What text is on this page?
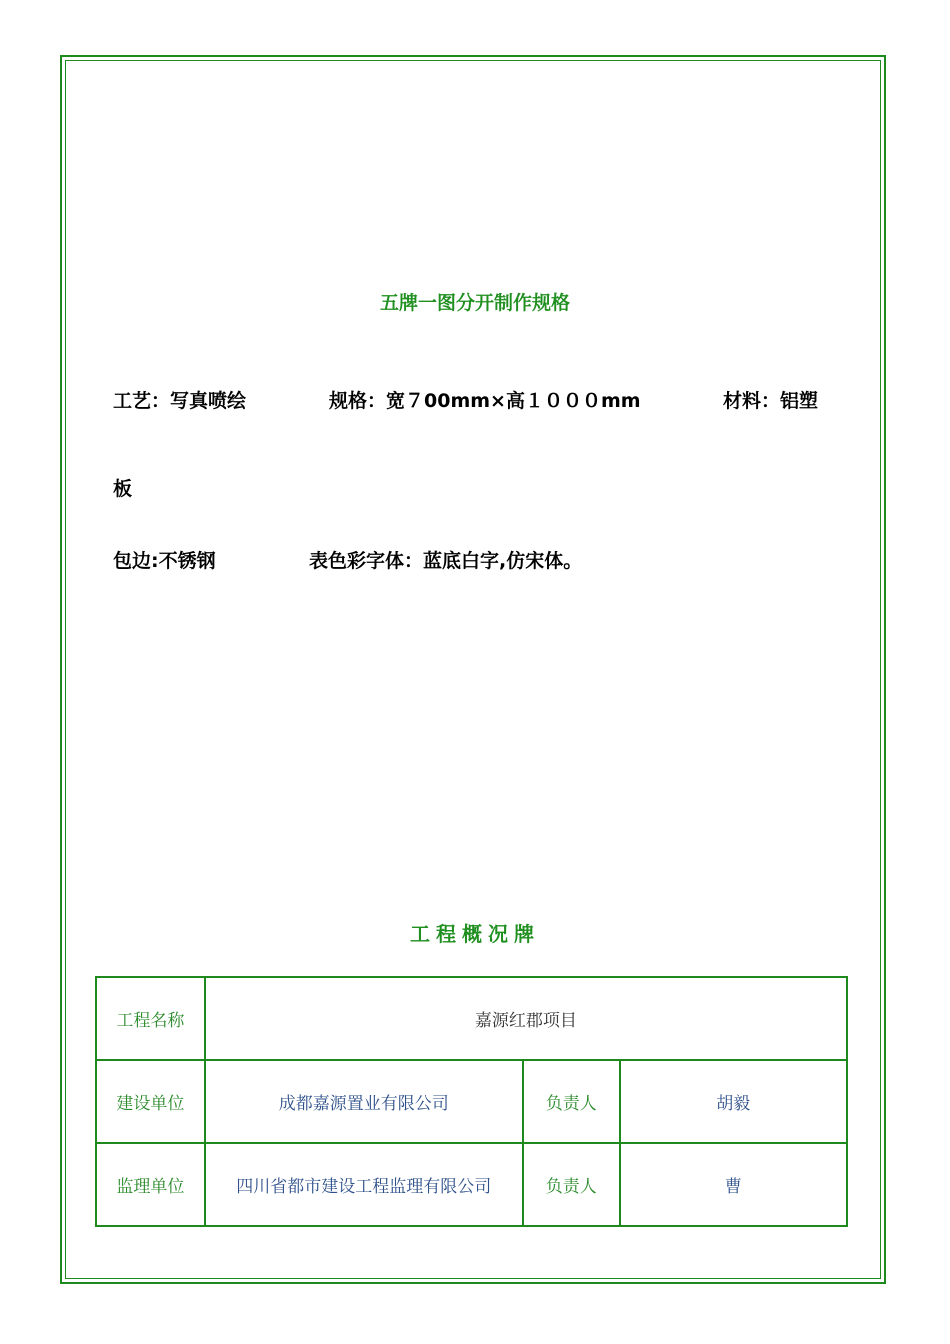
五牌一图分开制作规格

工艺：写真喷绘

	规格：宽７00mm×高１０００mm

	材料：铝塑

板

包边:不锈钢

	表色彩字体：蓝底白字,仿宋体。

工程概况牌
工程名称	嘉源红郡项目		
建设单位	成都嘉源置业有限公司	负责人	胡毅
监理单位	四川省都市建设工程监理有限公司	负责人	曹
